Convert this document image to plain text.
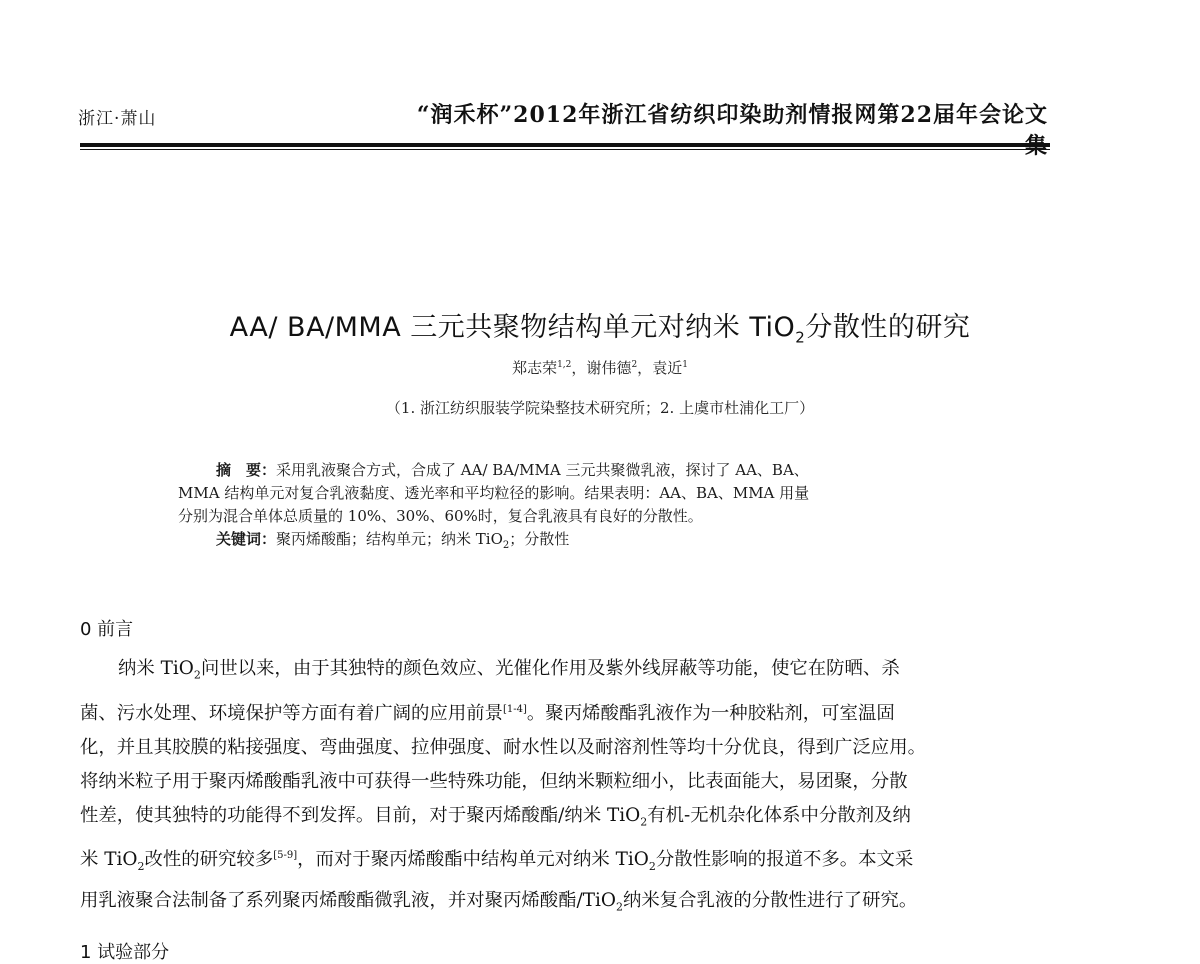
浙江·萧山	“润禾杯”2012年浙江省纺织印染助剂情报网第22届年会论文
AA/ BA/MMA 三元共聚物结构单元对纳米 TiO$_2$分散性的研究
郑志荣$^{1,2}$，谢伟德$^2$，袁近$^1$
（1. 浙江纺织服装学院染整技术研究所；2. 上虞市杜浦化工厂）
摘　要：采用乳液聚合方式，合成了 AA/ BA/MMA 三元共聚微乳液，探讨了 AA、BA、
MMA 结构单元对复合乳液黏度、透光率和平均粒径的影响。结果表明：AA、BA、MMA 用量
分别为混合单体总质量的 10%、30%、60%时，复合乳液具有良好的分散性。
关键词：聚丙烯酸酯；结构单元；纳米 TiO$_2$；分散性
0 前言
纳米 TiO$_2$问世以来，由于其独特的颜色效应、光催化作用及紫外线屏蔽等功能，使它在防晒、杀
菌、污水处理、环境保护等方面有着广阔的应用前景[1-4]。聚丙烯酸酯乳液作为一种胶粘剂，可室温固
化，并且其胶膜的粘接强度、弯曲强度、拉伸强度、耐水性以及耐溶剂性等均十分优良，得到广泛应用。
将纳米粒子用于聚丙烯酸酯乳液中可获得一些特殊功能，但纳米颗粒细小，比表面能大，易团聚，分散
性差，使其独特的功能得不到发挥。目前，对于聚丙烯酸酯/纳米 TiO$_2$有机-无机杂化体系中分散剂及纳
米 TiO$_2$改性的研究较多[5-9]，而对于聚丙烯酸酯中结构单元对纳米 TiO$_2$分散性影响的报道不多。本文采
用乳液聚合法制备了系列聚丙烯酸酯微乳液，并对聚丙烯酸酯/TiO$_2$纳米复合乳液的分散性进行了研究。
1 试验部分
